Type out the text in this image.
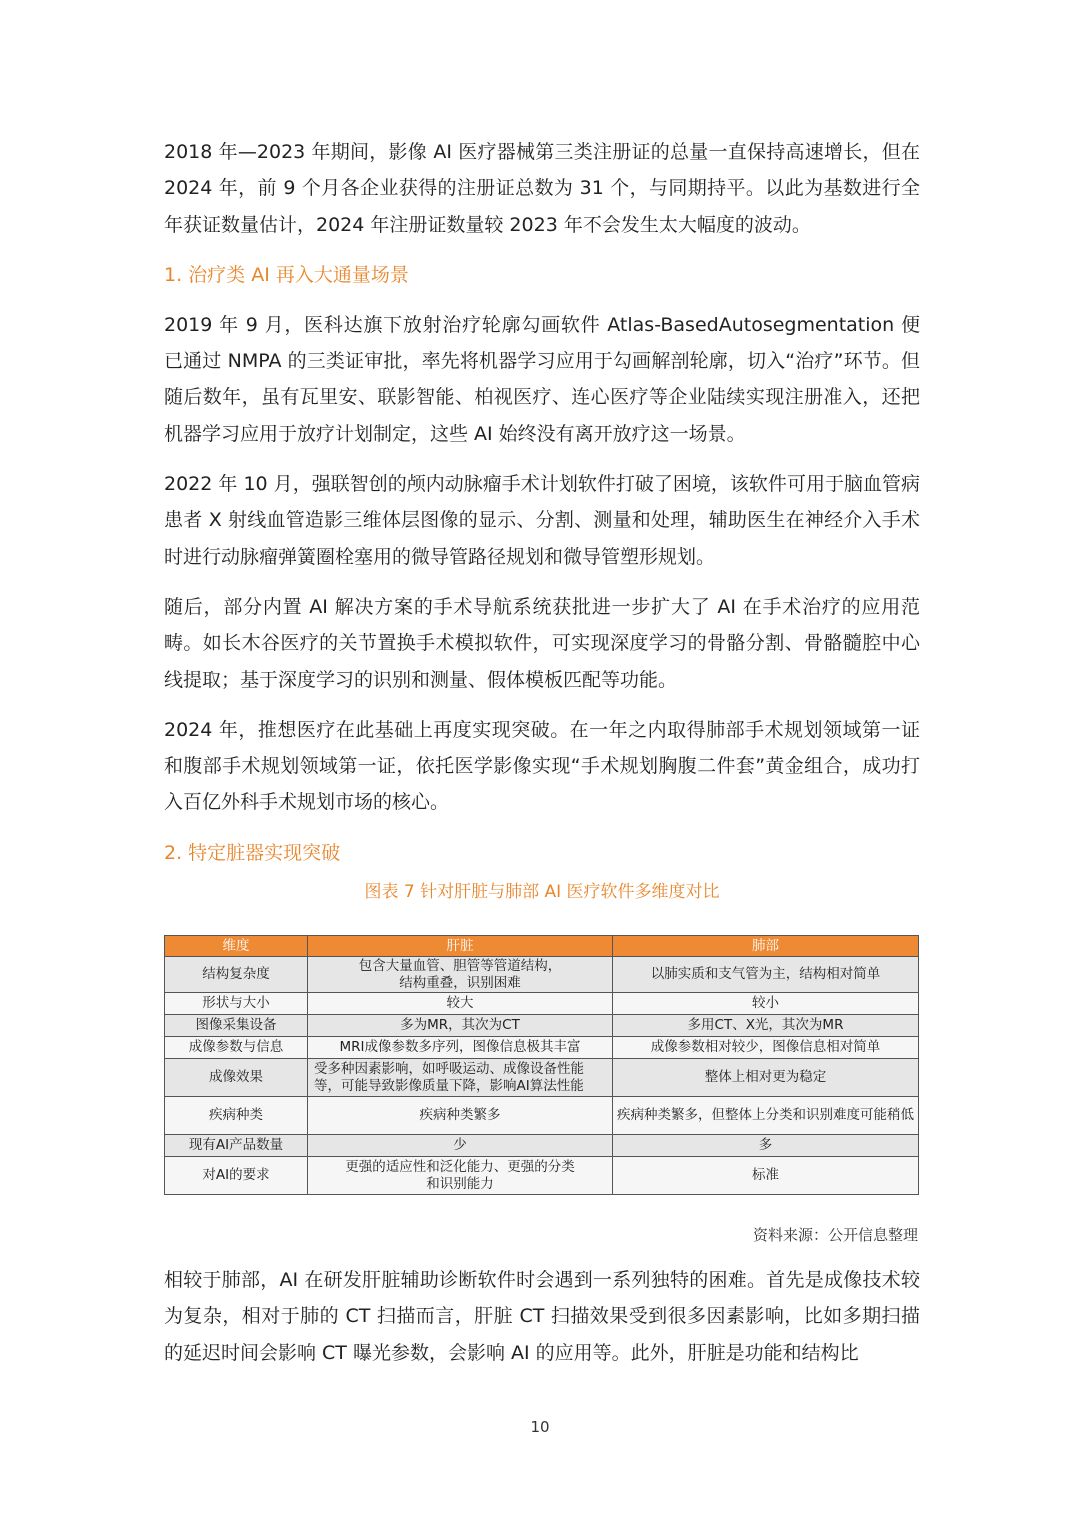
2018 年—2023 年期间，影像 AI 医疗器械第三类注册证的总量一直保持高速增长，但在 2024 年，前 9 个月各企业获得的注册证总数为 31 个，与同期持平。以此为基数进行全年获证数量估计，2024 年注册证数量较 2023 年不会发生太大幅度的波动。

1. 治疗类 AI 再入大通量场景

2019 年 9 月，医科达旗下放射治疗轮廓勾画软件 Atlas-BasedAutosegmentation 便已通过 NMPA 的三类证审批，率先将机器学习应用于勾画解剖轮廓，切入“治疗”环节。但随后数年，虽有瓦里安、联影智能、柏视医疗、连心医疗等企业陆续实现注册准入，还把机器学习应用于放疗计划制定，这些 AI 始终没有离开放疗这一场景。

2022 年 10 月，强联智创的颅内动脉瘤手术计划软件打破了困境，该软件可用于脑血管病患者 X 射线血管造影三维体层图像的显示、分割、测量和处理，辅助医生在神经介入手术时进行动脉瘤弹簧圈栓塞用的微导管路径规划和微导管塑形规划。

随后，部分内置 AI 解决方案的手术导航系统获批进一步扩大了 AI 在手术治疗的应用范畴。如长木谷医疗的关节置换手术模拟软件，可实现深度学习的骨骼分割、骨骼髓腔中心线提取；基于深度学习的识别和测量、假体模板匹配等功能。

2024 年，推想医疗在此基础上再度实现突破。在一年之内取得肺部手术规划领域第一证和腹部手术规划领域第一证，依托医学影像实现“手术规划胸腹二件套”黄金组合，成功打入百亿外科手术规划市场的核心。

2. 特定脏器实现突破

图表 7 针对肝脏与肺部 AI 医疗软件多维度对比

维度	肝脏	肺部
结构复杂度	包含大量血管、胆管等管道结构，
结构重叠，识别困难	以肺实质和支气管为主，结构相对简单
形状与大小	较大	较小
图像采集设备	多为MR，其次为CT	多用CT、X光，其次为MR
成像参数与信息	MRI成像参数多序列，图像信息极其丰富	成像参数相对较少，图像信息相对简单
成像效果	受多种因素影响，如呼吸运动、成像设备性能等，可能导致影像质量下降，影响AI算法性能	整体上相对更为稳定
疾病种类	疾病种类繁多	疾病种类繁多，但整体上分类和识别难度可能稍低
现有AI产品数量	少	多
对AI的要求	更强的适应性和泛化能力、更强的分类
和识别能力	标准
资料来源：公开信息整理

相较于肺部，AI 在研发肝脏辅助诊断软件时会遇到一系列独特的困难。首先是成像技术较为复杂，相对于肺的 CT 扫描而言，肝脏 CT 扫描效果受到很多因素影响，比如多期扫描的延迟时间会影响 CT 曝光参数，会影响 AI 的应用等。此外，肝脏是功能和结构比

10
